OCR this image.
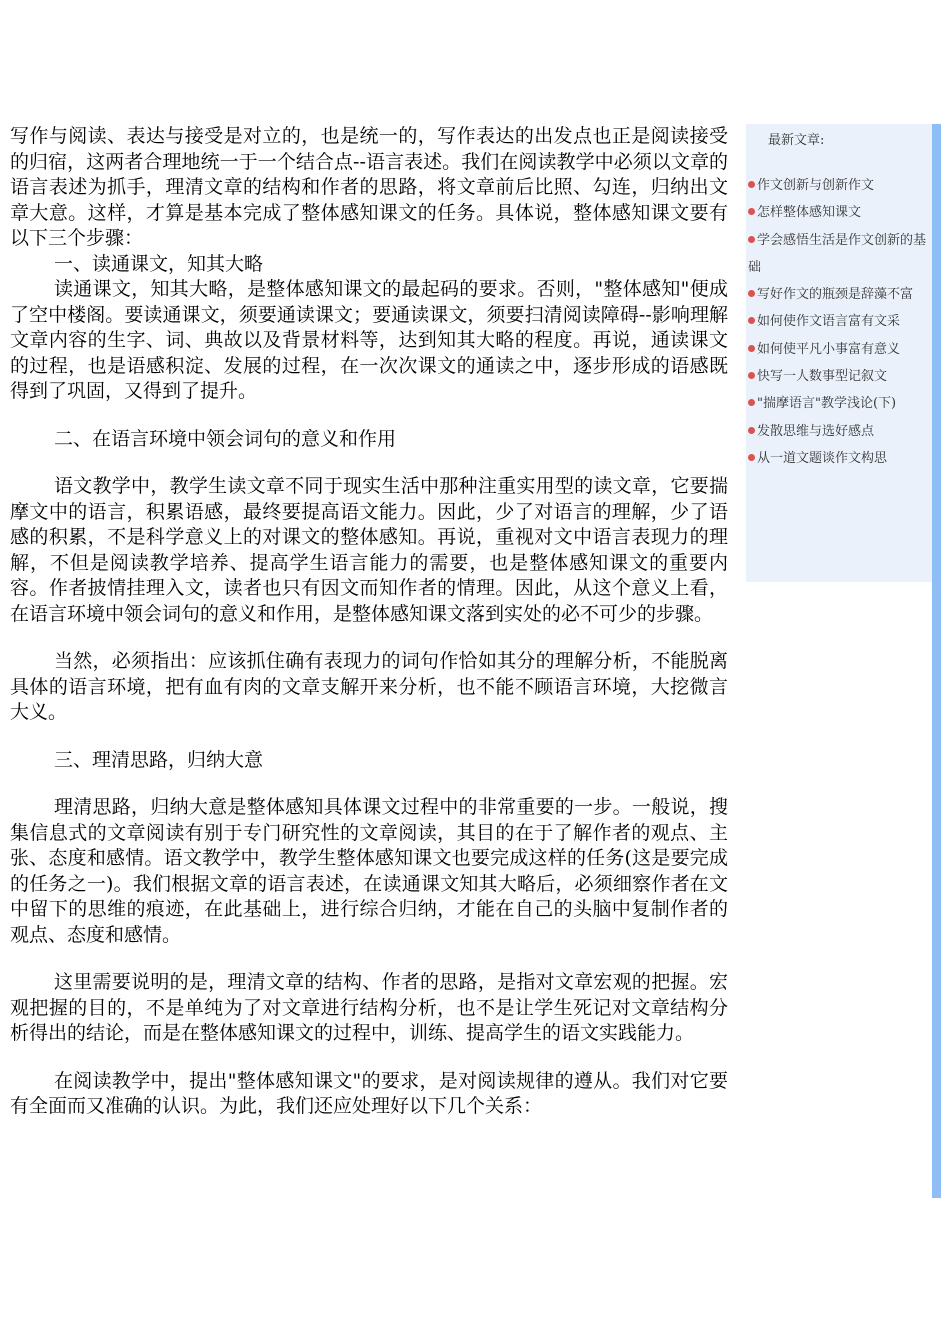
写作与阅读、表达与接受是对立的，也是统一的，写作表达的出发点也正是阅读接受的归宿，这两者合理地统一于一个结合点--语言表述。我们在阅读教学中必须以文章的语言表述为抓手，理清文章的结构和作者的思路，将文章前后比照、勾连，归纳出文章大意。这样，才算是基本完成了整体感知课文的任务。具体说，整体感知课文要有以下三个步骤：

一、读通课文，知其大略

读通课文，知其大略，是整体感知课文的最起码的要求。否则，"整体感知"便成了空中楼阁。要读通课文，须要通读课文；要通读课文，须要扫清阅读障碍--影响理解文章内容的生字、词、典故以及背景材料等，达到知其大略的程度。再说，通读课文的过程，也是语感积淀、发展的过程，在一次次课文的通读之中，逐步形成的语感既得到了巩固，又得到了提升。

二、在语言环境中领会词句的意义和作用

语文教学中，教学生读文章不同于现实生活中那种注重实用型的读文章，它要揣摩文中的语言，积累语感，最终要提高语文能力。因此，少了对语言的理解，少了语感的积累，不是科学意义上的对课文的整体感知。再说，重视对文中语言表现力的理解，不但是阅读教学培养、提高学生语言能力的需要，也是整体感知课文的重要内容。作者披情挂理入文，读者也只有因文而知作者的情理。因此，从这个意义上看，在语言环境中领会词句的意义和作用，是整体感知课文落到实处的必不可少的步骤。

当然，必须指出：应该抓住确有表现力的词句作恰如其分的理解分析，不能脱离具体的语言环境，把有血有肉的文章支解开来分析，也不能不顾语言环境，大挖微言大义。

三、理清思路，归纳大意

理清思路，归纳大意是整体感知具体课文过程中的非常重要的一步。一般说，搜集信息式的文章阅读有别于专门研究性的文章阅读，其目的在于了解作者的观点、主张、态度和感情。语文教学中，教学生整体感知课文也要完成这样的任务(这是要完成的任务之一)。我们根据文章的语言表述，在读通课文知其大略后，必须细察作者在文中留下的思维的痕迹，在此基础上，进行综合归纳，才能在自己的头脑中复制作者的观点、态度和感情。

这里需要说明的是，理清文章的结构、作者的思路，是指对文章宏观的把握。宏观把握的目的，不是单纯为了对文章进行结构分析，也不是让学生死记对文章结构分析得出的结论，而是在整体感知课文的过程中，训练、提高学生的语文实践能力。

在阅读教学中，提出"整体感知课文"的要求，是对阅读规律的遵从。我们对它要有全面而又准确的认识。为此，我们还应处理好以下几个关系：

最新文章:
作文创新与创新作文
怎样整体感知课文
学会感悟生活是作文创新的基础
写好作文的瓶颈是辞藻不富
如何使作文语言富有文采
如何使平凡小事富有意义
快写一人数事型记叙文
"揣摩语言"教学浅论(下)
发散思维与选好感点
从一道文题谈作文构思
